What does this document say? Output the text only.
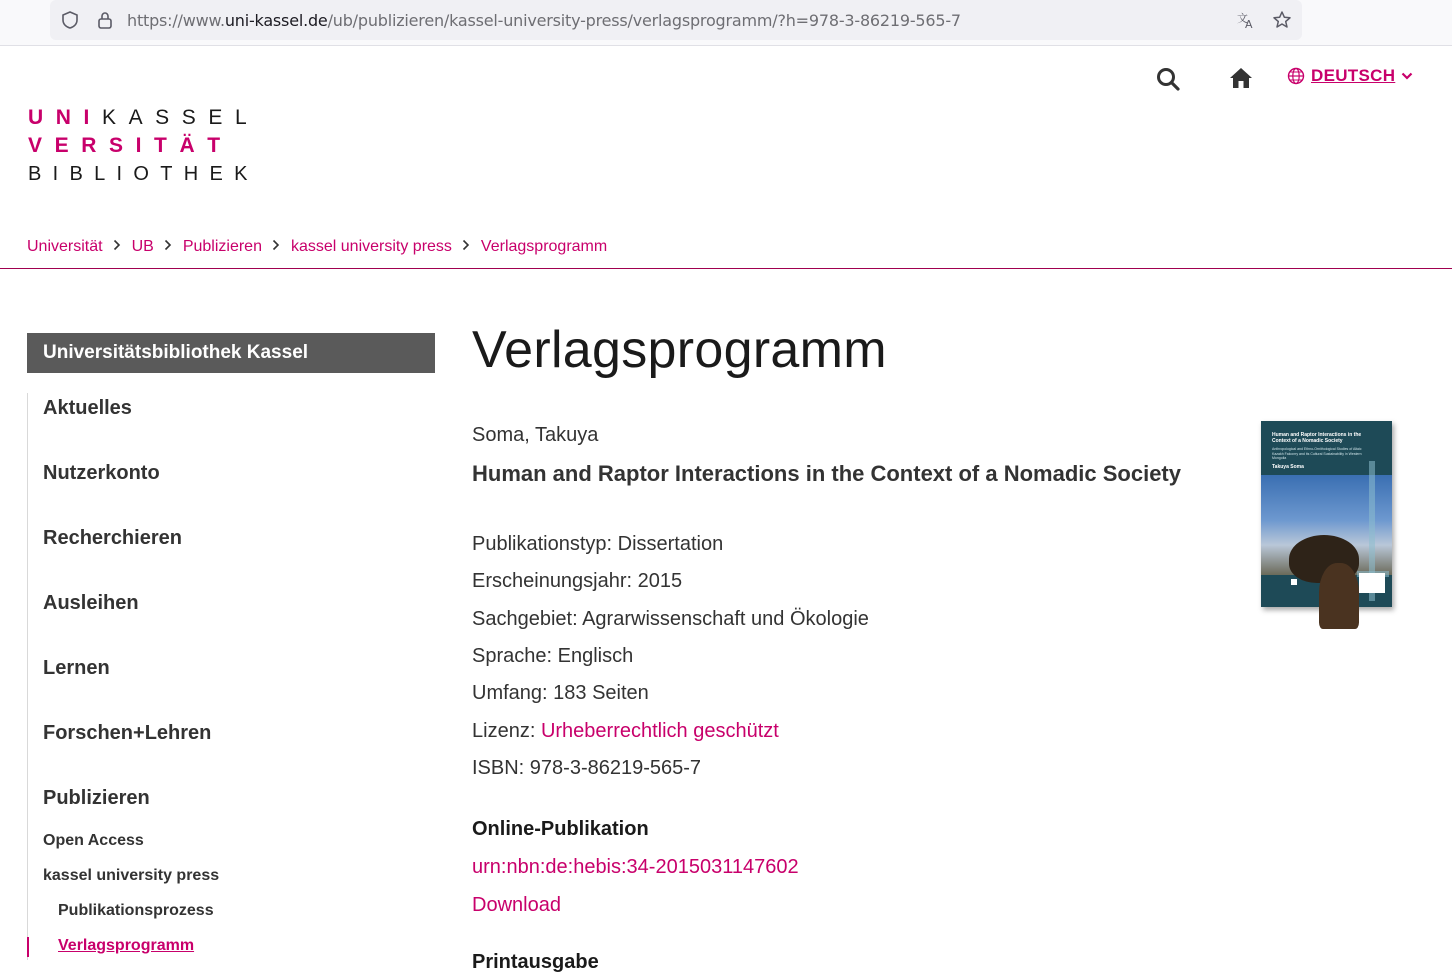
https://www.uni-kassel.de/ub/publizieren/kassel-university-press/verlagsprogramm/?h=978-3-86219-565-7	文
A
UNIKASSEL
VERSITÄT
BIBLIOTHEK
DEUTSCH
Universität UB Publizieren kassel university press Verlagsprogramm
Universitätsbibliothek Kassel
Aktuelles
Nutzerkonto
Recherchieren
Ausleihen
Lernen
Forschen+Lehren
Publizieren
Open Access
kassel university press
Publikationsprozess
Verlagsprogramm
Verlagsprogramm
Soma, Takuya
Human and Raptor Interactions in the Context of a Nomadic Society
Publikationstyp: Dissertation
Erscheinungsjahr: 2015
Sachgebiet: Agrarwissenschaft und Ökologie
Sprache: Englisch
Umfang: 183 Seiten
Lizenz: Urheberrechtlich geschützt
ISBN: 978-3-86219-565-7
Online-Publikation
urn:nbn:de:hebis:34-2015031147602
Download
Printausgabe
Human and Raptor Interactions in the Context of a Nomadic Society
Anthropological and Ethno-Ornithological Studies of Altaic Kazakh Falconry and its Cultural Sustainability in Western Mongolia
Takuya Soma
